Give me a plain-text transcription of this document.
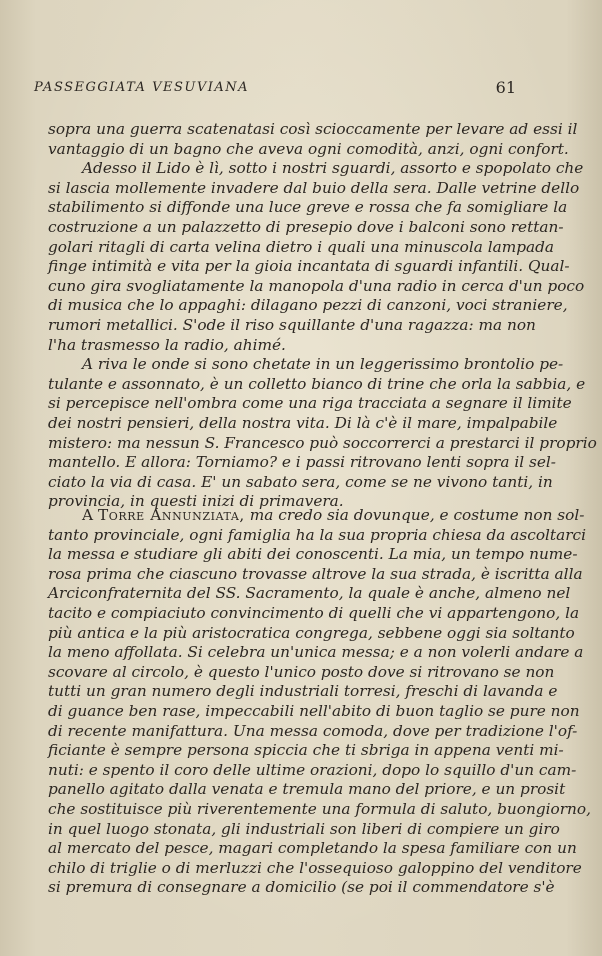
PASSEGGIATA VESUVIANA	61
sopra una guerra scatenatasi così scioccamente per levare ad essi il
vantaggio di un bagno che aveva ogni comodità, anzi, ogni confort.
Adesso il Lido è lì, sotto i nostri sguardi, assorto e spopolato che
si lascia mollemente invadere dal buio della sera. Dalle vetrine dello
stabilimento si diffonde una luce greve e rossa che fa somigliare la
costruzione a un palazzetto di presepio dove i balconi sono rettan-
golari ritagli di carta velina dietro i quali una minuscola lampada
finge intimità e vita per la gioia incantata di sguardi infantili. Qual-
cuno gira svogliatamente la manopola d'una radio in cerca d'un poco
di musica che lo appaghi: dilagano pezzi di canzoni, voci straniere,
rumori metallici. S'ode il riso squillante d'una ragazza: ma non
l'ha trasmesso la radio, ahimé.
A riva le onde si sono chetate in un leggerissimo brontolio pe-
tulante e assonnato, è un colletto bianco di trine che orla la sabbia, e
si percepisce nell'ombra come una riga tracciata a segnare il limite
dei nostri pensieri, della nostra vita. Di là c'è il mare, impalpabile
mistero: ma nessun S. Francesco può soccorrerci a prestarci il proprio
mantello. E allora: Torniamo? e i passi ritrovano lenti sopra il sel-
ciato la via di casa. E' un sabato sera, come se ne vivono tanti, in
provincia, in questi inizi di primavera.
A Torre Annunziata, ma credo sia dovunque, e costume non sol-
tanto provinciale, ogni famiglia ha la sua propria chiesa da ascoltarci
la messa e studiare gli abiti dei conoscenti. La mia, un tempo nume-
rosa prima che ciascuno trovasse altrove la sua strada, è iscritta alla
Arciconfraternita del SS. Sacramento, la quale è anche, almeno nel
tacito e compiaciuto convincimento di quelli che vi appartengono, la
più antica e la più aristocratica congrega, sebbene oggi sia soltanto
la meno affollata. Si celebra un'unica messa; e a non volerli andare a
scovare al circolo, è questo l'unico posto dove si ritrovano se non
tutti un gran numero degli industriali torresi, freschi di lavanda e
di guance ben rase, impeccabili nell'abito di buon taglio se pure non
di recente manifattura. Una messa comoda, dove per tradizione l'of-
ficiante è sempre persona spiccia che ti sbriga in appena venti mi-
nuti: e spento il coro delle ultime orazioni, dopo lo squillo d'un cam-
panello agitato dalla venata e tremula mano del priore, e un prosit
che sostituisce più riverentemente una formula di saluto, buongiorno,
in quel luogo stonata, gli industriali son liberi di compiere un giro
al mercato del pesce, magari completando la spesa familiare con un
chilo di triglie o di merluzzi che l'ossequioso galoppino del venditore
si premura di consegnare a domicilio (se poi il commendatore s'è
